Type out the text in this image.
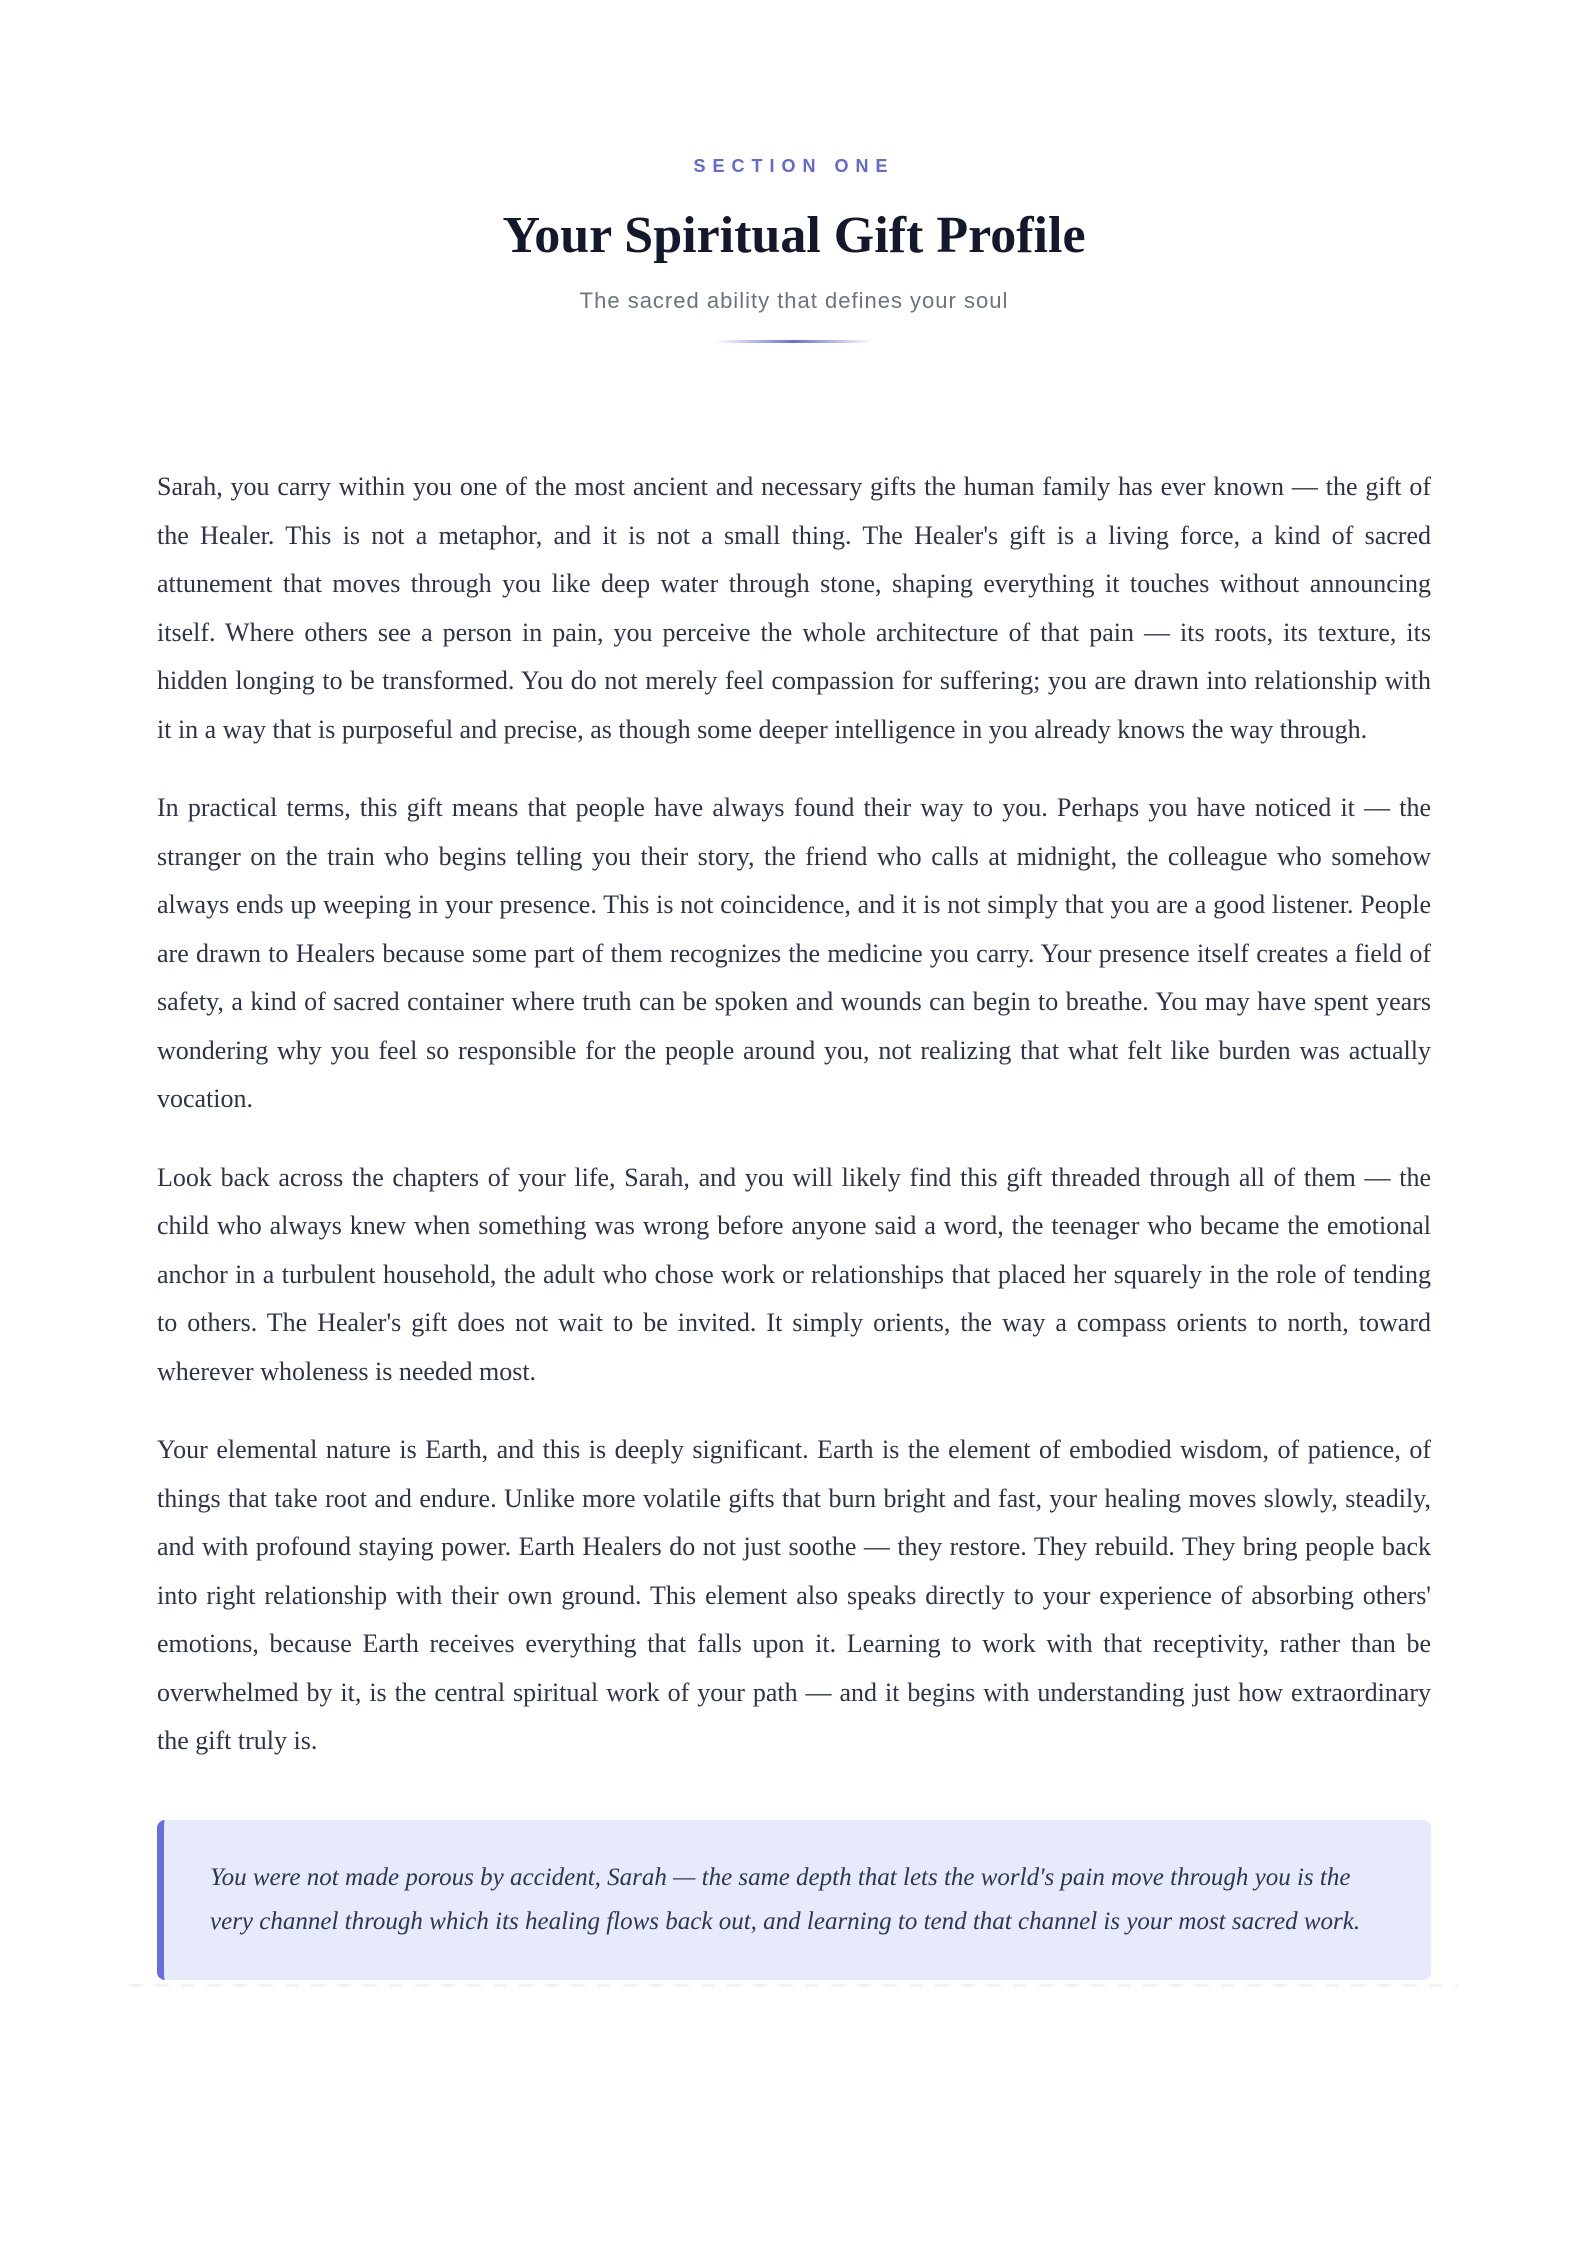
SECTION ONE
Your Spiritual Gift Profile
The sacred ability that defines your soul

Sarah, you carry within you one of the most ancient and necessary gifts the human family has ever known — the gift of the Healer. This is not a metaphor, and it is not a small thing. The Healer's gift is a living force, a kind of sacred attunement that moves through you like deep water through stone, shaping everything it touches without announcing itself. Where others see a person in pain, you perceive the whole architecture of that pain — its roots, its texture, its hidden longing to be transformed. You do not merely feel compassion for suffering; you are drawn into relationship with it in a way that is purposeful and precise, as though some deeper intelligence in you already knows the way through.

In practical terms, this gift means that people have always found their way to you. Perhaps you have noticed it — the stranger on the train who begins telling you their story, the friend who calls at midnight, the colleague who somehow always ends up weeping in your presence. This is not coincidence, and it is not simply that you are a good listener. People are drawn to Healers because some part of them recognizes the medicine you carry. Your presence itself creates a field of safety, a kind of sacred container where truth can be spoken and wounds can begin to breathe. You may have spent years wondering why you feel so responsible for the people around you, not realizing that what felt like burden was actually vocation.

Look back across the chapters of your life, Sarah, and you will likely find this gift threaded through all of them — the child who always knew when something was wrong before anyone said a word, the teenager who became the emotional anchor in a turbulent household, the adult who chose work or relationships that placed her squarely in the role of tending to others. The Healer's gift does not wait to be invited. It simply orients, the way a compass orients to north, toward wherever wholeness is needed most.

Your elemental nature is Earth, and this is deeply significant. Earth is the element of embodied wisdom, of patience, of things that take root and endure. Unlike more volatile gifts that burn bright and fast, your healing moves slowly, steadily, and with profound staying power. Earth Healers do not just soothe — they restore. They rebuild. They bring people back into right relationship with their own ground. This element also speaks directly to your experience of absorbing others' emotions, because Earth receives everything that falls upon it. Learning to work with that receptivity, rather than be overwhelmed by it, is the central spiritual work of your path — and it begins with understanding just how extraordinary the gift truly is.

You were not made porous by accident, Sarah — the same depth that lets the world's pain move through you is the very channel through which its healing flows back out, and learning to tend that channel is your most sacred work.
